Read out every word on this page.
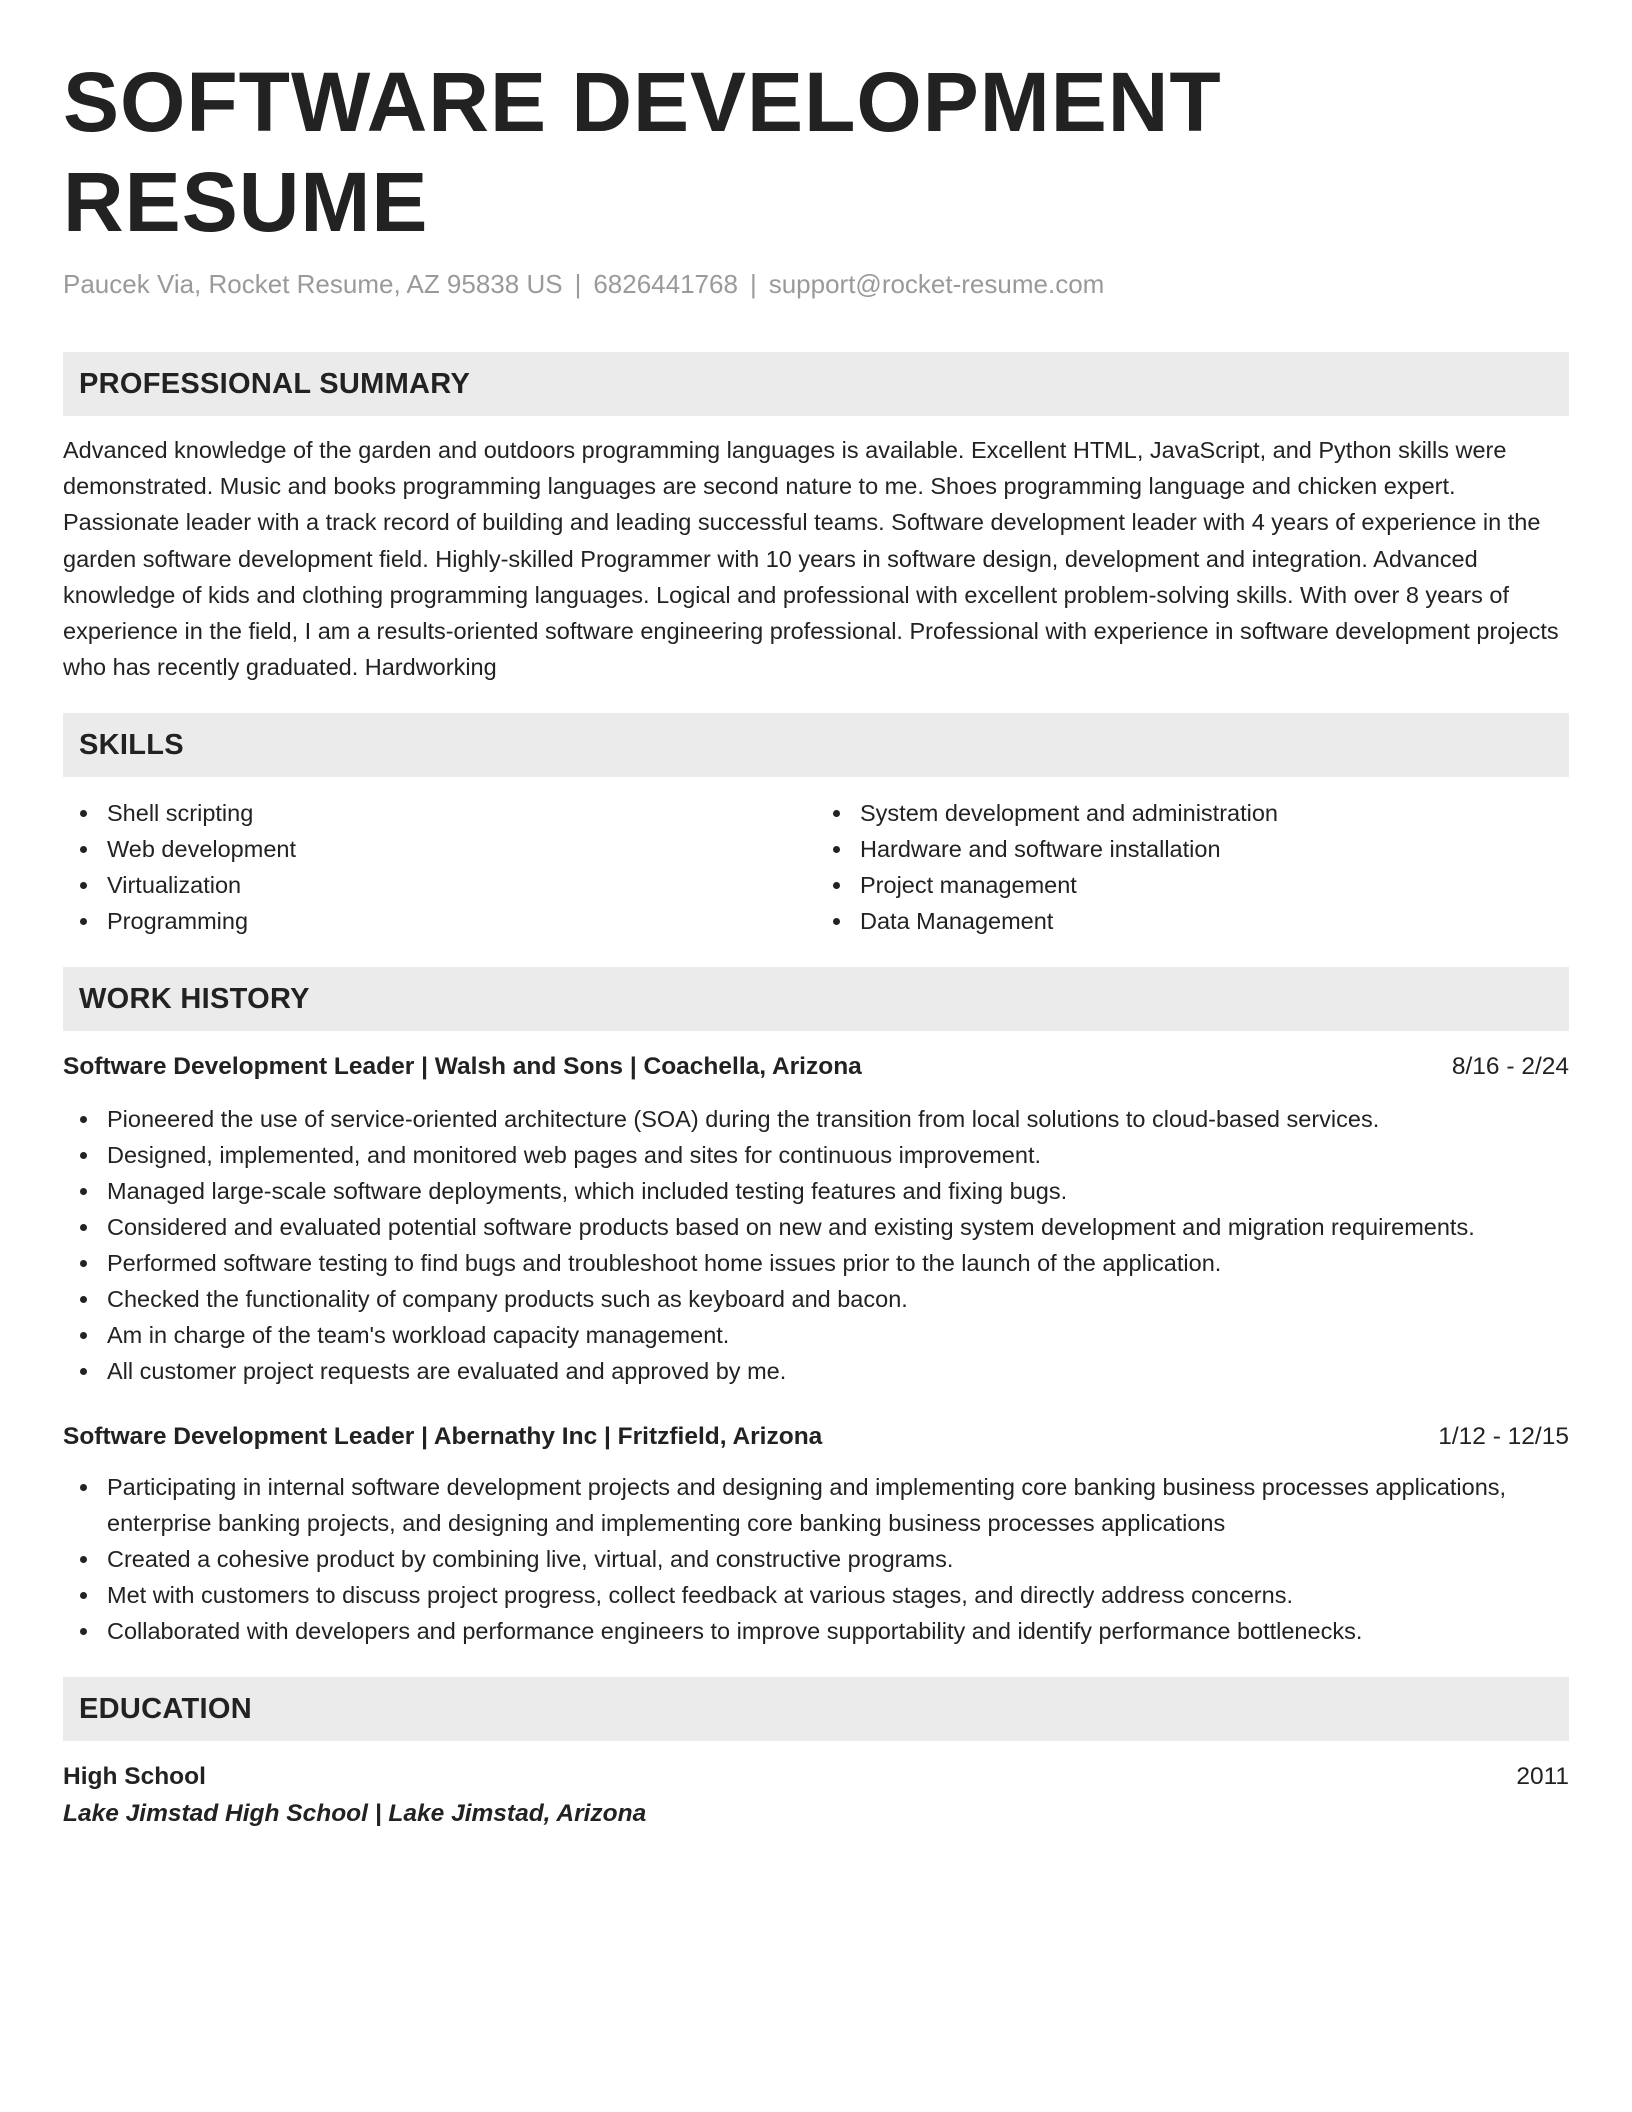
SOFTWARE DEVELOPMENT RESUME
Paucek Via, Rocket Resume, AZ 95838 US | 6826441768 | support@rocket-resume.com
PROFESSIONAL SUMMARY

Advanced knowledge of the garden and outdoors programming languages is available. Excellent HTML, JavaScript, and Python skills were demonstrated. Music and books programming languages are second nature to me. Shoes programming language and chicken expert. Passionate leader with a track record of building and leading successful teams. Software development leader with 4 years of experience in the garden software development field. Highly-skilled Programmer with 10 years in software design, development and integration. Advanced knowledge of kids and clothing programming languages. Logical and professional with excellent problem-solving skills. With over 8 years of experience in the field, I am a results-oriented software engineering professional. Professional with experience in software development projects who has recently graduated. Hardworking

SKILLS
Shell scripting
Web development
Virtualization
Programming
System development and administration
Hardware and software installation
Project management
Data Management
WORK HISTORY
Software Development Leader | Walsh and Sons | Coachella, Arizona	8/16 - 2/24
Pioneered the use of service-oriented architecture (SOA) during the transition from local solutions to cloud-based services.
Designed, implemented, and monitored web pages and sites for continuous improvement.
Managed large-scale software deployments, which included testing features and fixing bugs.
Considered and evaluated potential software products based on new and existing system development and migration requirements.
Performed software testing to find bugs and troubleshoot home issues prior to the launch of the application.
Checked the functionality of company products such as keyboard and bacon.
Am in charge of the team's workload capacity management.
All customer project requests are evaluated and approved by me.
Software Development Leader | Abernathy Inc | Fritzfield, Arizona	1/12 - 12/15
Participating in internal software development projects and designing and implementing core banking business processes applications, enterprise banking projects, and designing and implementing core banking business processes applications
Created a cohesive product by combining live, virtual, and constructive programs.
Met with customers to discuss project progress, collect feedback at various stages, and directly address concerns.
Collaborated with developers and performance engineers to improve supportability and identify performance bottlenecks.
EDUCATION
High School	2011
Lake Jimstad High School | Lake Jimstad, Arizona
